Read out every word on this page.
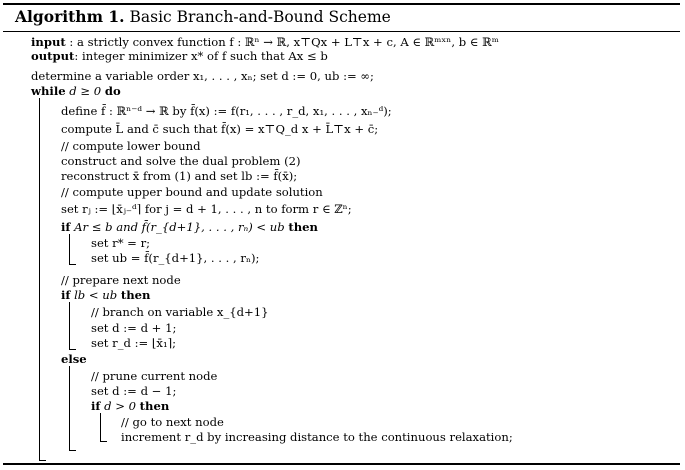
Algorithm 1. Basic Branch-and-Bound Scheme
input : a strictly convex function f : ℝⁿ → ℝ, x⊤Qx + L⊤x + c, A ∈ ℝᵐˣⁿ, b ∈ ℝᵐ
output: integer minimizer x* of f such that Ax ≤ b
determine a variable order x₁, . . . , xₙ; set d := 0, ub := ∞;
while d ≥ 0 do
define f̄ : ℝⁿ⁻ᵈ → ℝ by f̄(x) := f(r₁, . . . , r_d, x₁, . . . , xₙ₋ᵈ);
compute L̄ and c̄ such that f̄(x) = x⊤Q_d x + L̄⊤x + c̄;
// compute lower bound
construct and solve the dual problem (2)
reconstruct x̄ from (1) and set lb := f̄(x̄);
// compute upper bound and update solution
set rⱼ := ⌊x̄ⱼ₋ᵈ⌉ for j = d + 1, . . . , n to form r ∈ ℤⁿ;
if Ar ≤ b and f̄(r_{d+1}, . . . , rₙ) < ub then
set r* = r;
set ub = f̄(r_{d+1}, . . . , rₙ);
// prepare next node
if lb < ub then
// branch on variable x_{d+1}
set d := d + 1;
set r_d := ⌊x̄₁⌉;
else
// prune current node
set d := d − 1;
if d > 0 then
// go to next node
increment r_d by increasing distance to the continuous relaxation;
